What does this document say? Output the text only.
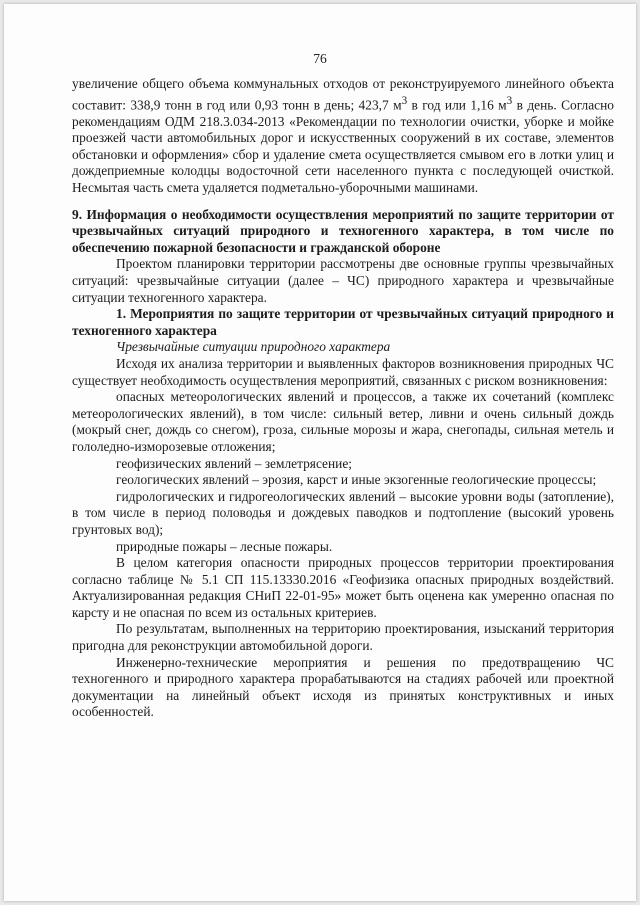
76

увеличение общего объема коммунальных отходов от реконструируемого линейного объекта составит: 338,9 тонн в год или 0,93 тонн в день; 423,7 $м^3$ в год или 1,16 $м^3$ в день. Согласно рекомендациям ОДМ 218.3.034-2013 «Рекомендации по технологии очистки, уборке и мойке проезжей части автомобильных дорог и искусственных сооружений в их составе, элементов обстановки и оформления» сбор и удаление смета осуществляется смывом его в лотки улиц и дождеприемные колодцы водосточной сети населенного пункта с последующей очисткой. Несмытая часть смета удаляется подметально-уборочными машинами.

9. Информация о необходимости осуществления мероприятий по защите территории от чрезвычайных ситуаций природного и техногенного характера, в том числе по обеспечению пожарной безопасности и гражданской обороне

Проектом планировки территории рассмотрены две основные группы чрезвычайных ситуаций: чрезвычайные ситуации (далее – ЧС) природного характера и чрезвычайные ситуации техногенного характера.

1. Мероприятия по защите территории от чрезвычайных ситуаций природного и техногенного характера

Чрезвычайные ситуации природного характера

Исходя их анализа территории и выявленных факторов возникновения природных ЧС существует необходимость осуществления мероприятий, связанных с риском возникновения:

опасных метеорологических явлений и процессов, а также их сочетаний (комплекс метеорологических явлений), в том числе: сильный ветер, ливни и очень сильный дождь (мокрый снег, дождь со снегом), гроза, сильные морозы и жара, снегопады, сильная метель и гололедно-изморозевые отложения;

геофизических явлений – землетрясение;

геологических явлений – эрозия, карст и иные экзогенные геологические процессы;

гидрологических и гидрогеологических явлений – высокие уровни воды (затопление), в том числе в период половодья и дождевых паводков и подтопление (высокий уровень грунтовых вод);

природные пожары – лесные пожары.

В целом категория опасности природных процессов территории проектирования согласно таблице № 5.1 СП 115.13330.2016 «Геофизика опасных природных воздействий. Актуализированная редакция СНиП 22-01-95» может быть оценена как умеренно опасная по карсту и не опасная по всем из остальных критериев.

По результатам, выполненных на территорию проектирования, изысканий территория пригодна для реконструкции автомобильной дороги.

Инженерно-технические мероприятия и решения по предотвращению ЧС техногенного и природного характера прорабатываются на стадиях рабочей или проектной документации на линейный объект исходя из принятых конструктивных и иных особенностей.
